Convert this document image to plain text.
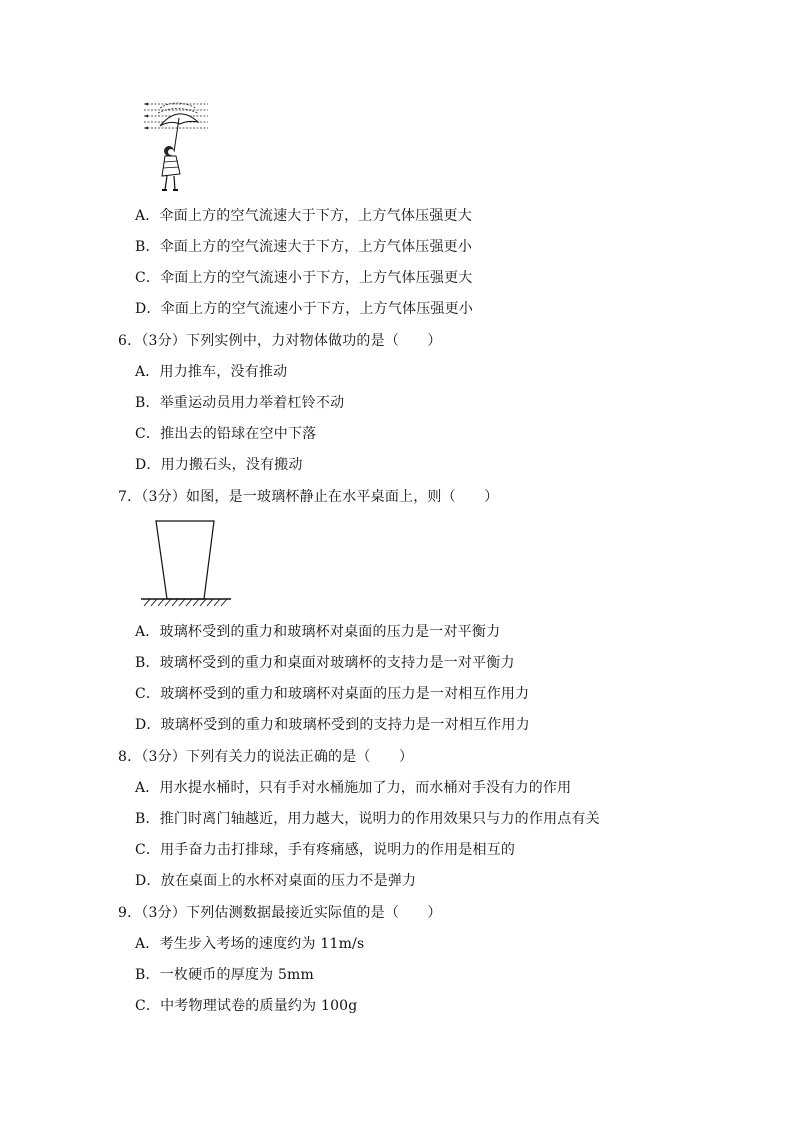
A．伞面上方的空气流速大于下方，上方气体压强更大
B．伞面上方的空气流速大于下方，上方气体压强更小
C．伞面上方的空气流速小于下方，上方气体压强更大
D．伞面上方的空气流速小于下方，上方气体压强更小
6．（3分）下列实例中，力对物体做功的是（　　）
A．用力推车，没有推动
B．举重运动员用力举着杠铃不动
C．推出去的铅球在空中下落
D．用力搬石头，没有搬动
7．（3分）如图，是一玻璃杯静止在水平桌面上，则（　　）
A．玻璃杯受到的重力和玻璃杯对桌面的压力是一对平衡力
B．玻璃杯受到的重力和桌面对玻璃杯的支持力是一对平衡力
C．玻璃杯受到的重力和玻璃杯对桌面的压力是一对相互作用力
D．玻璃杯受到的重力和玻璃杯受到的支持力是一对相互作用力
8．（3分）下列有关力的说法正确的是（　　）
A．用水提水桶时，只有手对水桶施加了力，而水桶对手没有力的作用
B．推门时离门轴越近，用力越大，说明力的作用效果只与力的作用点有关
C．用手奋力击打排球，手有疼痛感，说明力的作用是相互的
D．放在桌面上的水杯对桌面的压力不是弹力
9．（3分）下列估测数据最接近实际值的是（　　）
A．考生步入考场的速度约为 11m/s
B．一枚硬币的厚度为 5mm
C．中考物理试卷的质量约为 100g
